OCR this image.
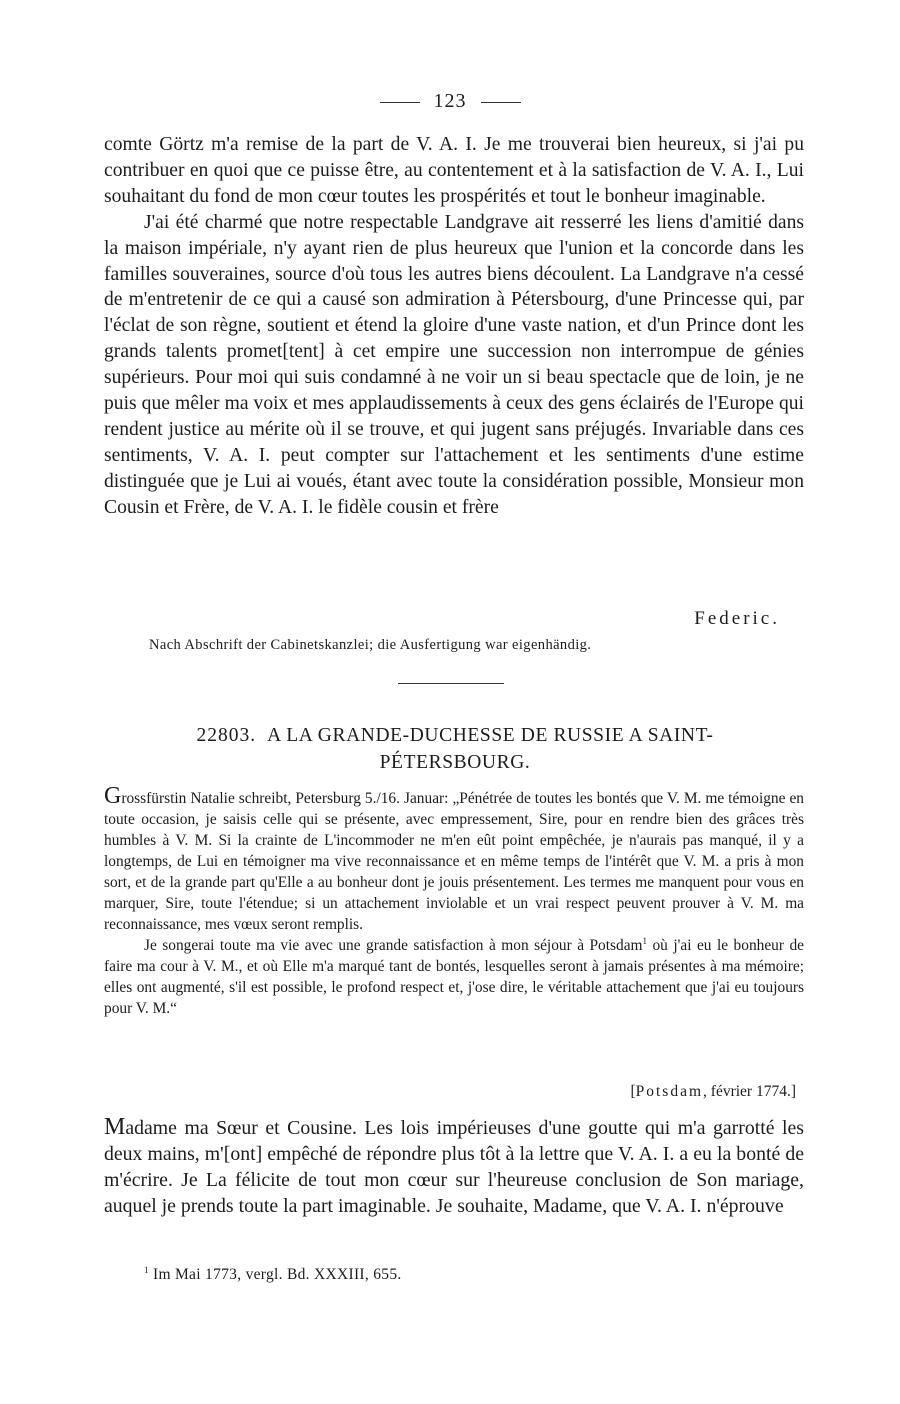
123

comte Görtz m'a remise de la part de V. A. I. Je me trouverai bien heureux, si j'ai pu contribuer en quoi que ce puisse être, au contentement et à la satisfaction de V. A. I., Lui souhaitant du fond de mon cœur toutes les prospérités et tout le bonheur imaginable.

J'ai été charmé que notre respectable Landgrave ait resserré les liens d'amitié dans la maison impériale, n'y ayant rien de plus heureux que l'union et la concorde dans les familles souveraines, source d'où tous les autres biens découlent. La Landgrave n'a cessé de m'entretenir de ce qui a causé son admiration à Pétersbourg, d'une Princesse qui, par l'éclat de son règne, soutient et étend la gloire d'une vaste nation, et d'un Prince dont les grands talents promet[tent] à cet empire une succession non interrompue de génies supérieurs. Pour moi qui suis condamné à ne voir un si beau spectacle que de loin, je ne puis que mêler ma voix et mes applaudissements à ceux des gens éclairés de l'Europe qui rendent justice au mérite où il se trouve, et qui jugent sans préjugés. Invariable dans ces sentiments, V. A. I. peut compter sur l'attachement et les sentiments d'une estime distinguée que je Lui ai voués, étant avec toute la considération possible, Monsieur mon Cousin et Frère, de V. A. I. le fidèle cousin et frère

Federic.
Nach Abschrift der Cabinetskanzlei; die Ausfertigung war eigenhändig.
22803. A LA GRANDE-DUCHESSE DE RUSSIE A SAINT-
PÉTERSBOURG.

Grossfürstin Natalie schreibt, Petersburg 5./16. Januar: „Pénétrée de toutes les bontés que V. M. me témoigne en toute occasion, je saisis celle qui se présente, avec empressement, Sire, pour en rendre bien des grâces très humbles à V. M. Si la crainte de L'incommoder ne m'en eût point empêchée, je n'aurais pas manqué, il y a longtemps, de Lui en témoigner ma vive reconnaissance et en même temps de l'intérêt que V. M. a pris à mon sort, et de la grande part qu'Elle a au bonheur dont je jouis présentement. Les termes me manquent pour vous en marquer, Sire, toute l'étendue; si un attachement inviolable et un vrai respect peuvent prouver à V. M. ma reconnaissance, mes vœux seront remplis.

Je songerai toute ma vie avec une grande satisfaction à mon séjour à Potsdam$^1$ où j'ai eu le bonheur de faire ma cour à V. M., et où Elle m'a marqué tant de bontés, lesquelles seront à jamais présentes à ma mémoire; elles ont augmenté, s'il est possible, le profond respect et, j'ose dire, le véritable attachement que j'ai eu toujours pour V. M.“

[Potsdam, février 1774.]

Madame ma Sœur et Cousine. Les lois impérieuses d'une goutte qui m'a garrotté les deux mains, m'[ont] empêché de répondre plus tôt à la lettre que V. A. I. a eu la bonté de m'écrire. Je La félicite de tout mon cœur sur l'heureuse conclusion de Son mariage, auquel je prends toute la part imaginable. Je souhaite, Madame, que V. A. I. n'éprouve

$^1$ Im Mai 1773, vergl. Bd. XXXIII, 655.
